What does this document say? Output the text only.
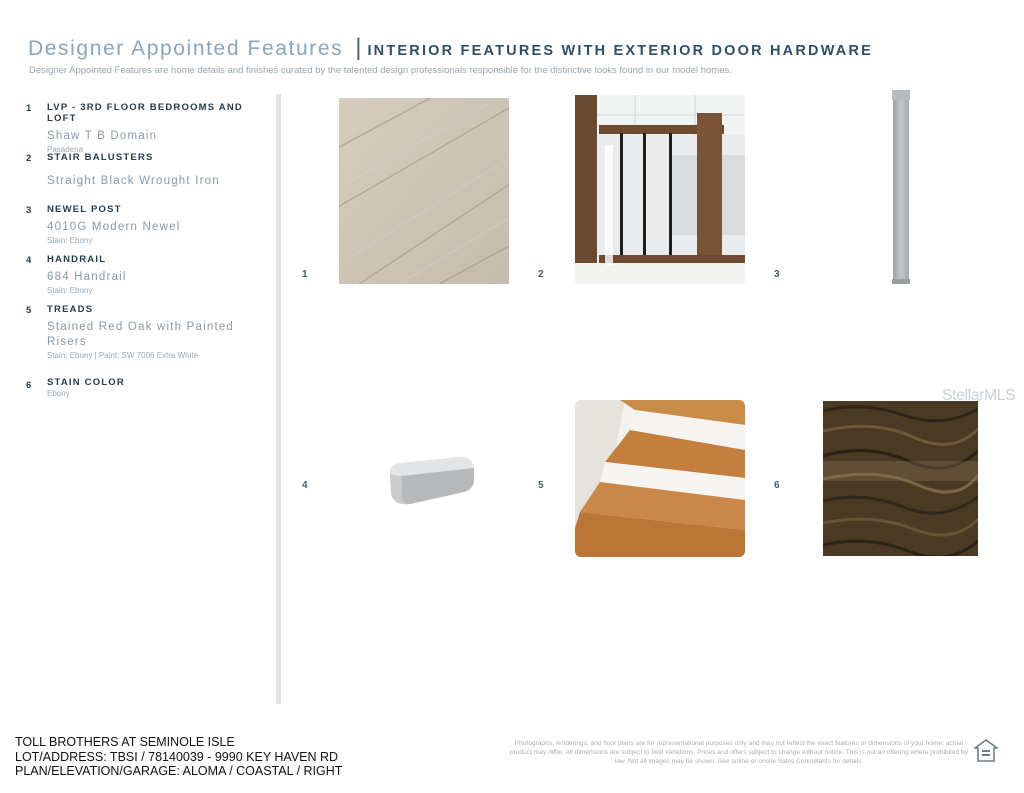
Designer Appointed Features | INTERIOR FEATURES WITH EXTERIOR DOOR HARDWARE
Designer Appointed Features are home details and finishes curated by the talented design professionals responsible for the distinctive looks found in our model homes.
1 LVP - 3RD FLOOR BEDROOMS AND LOFT
Shaw T B Domain
Pasadena
2 STAIR BALUSTERS
Straight Black Wrought Iron
3 NEWEL POST
4010G Modern Newel
Stain: Ebony
4 HANDRAIL
684 Handrail
Stain: Ebony
5 TREADS
Stained Red Oak with Painted Risers
Stain: Ebony | Paint: SW 7006 Extra White
6 STAIN COLOR
Ebony
1	2	3
4	5	6
StellarMLS
TOLL BROTHERS AT SEMINOLE ISLE
LOT/ADDRESS: TBSI / 78140039 - 9990 KEY HAVEN RD
PLAN/ELEVATION/GARAGE: ALOMA / COASTAL / RIGHT
Photographs, renderings, and floor plans are for representational purposes only and may not reflect the exact features or dimensions of your home; actual product may differ. All dimensions are subject to field variations. Prices and offers subject to change without notice. This is not an offering where prohibited by law. Not all images may be shown. See online or onsite Sales Consultants for details.
